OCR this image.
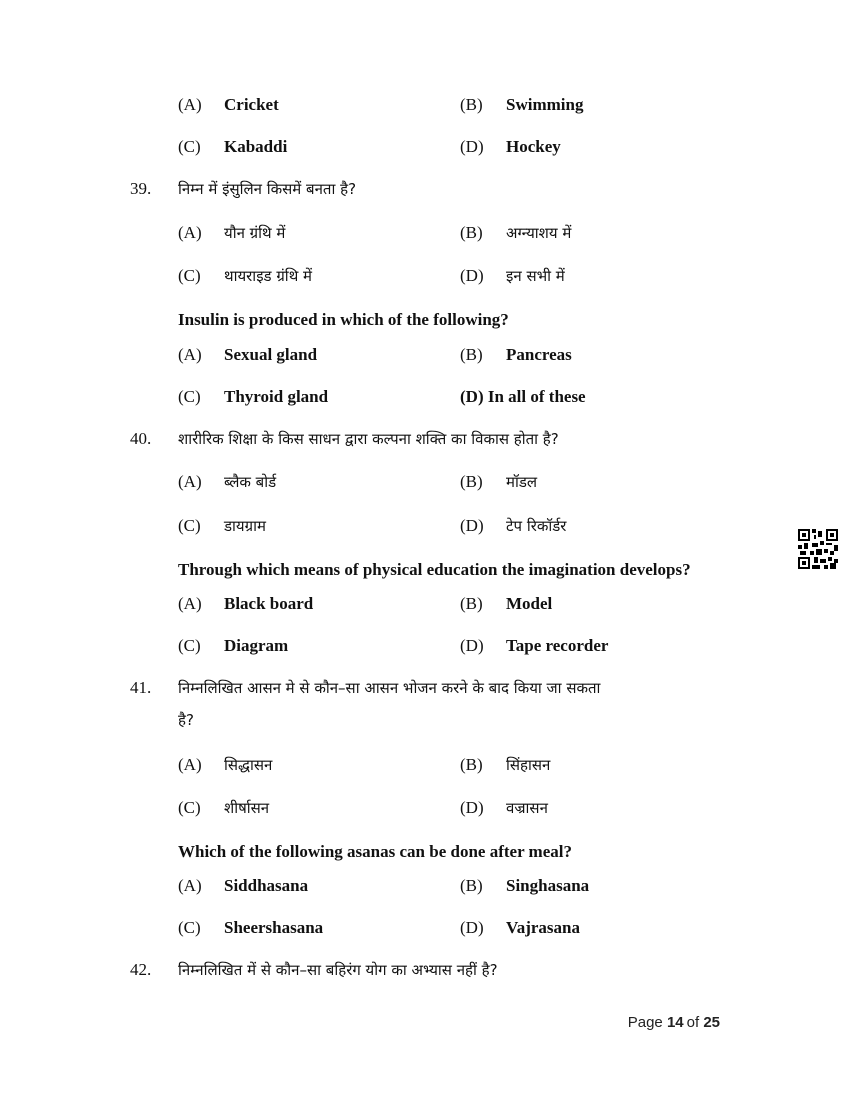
(A) Cricket	(B) Swimming
(C) Kabaddi	(D) Hockey
39. निम्न में इंसुलिन किसमें बनता है?
(A) यौन ग्रंथि में	(B) अग्न्याशय में
(C) थायराइड ग्रंथि में	(D) इन सभी में
Insulin is produced in which of the following?
(A) Sexual gland	(B) Pancreas
(C) Thyroid gland	(D) In all of these
40. शारीरिक शिक्षा के किस साधन द्वारा कल्पना शक्ति का विकास होता है?
(A) ब्लैक बोर्ड	(B) मॉडल
(C) डायग्राम	(D) टेप रिकॉर्डर
Through which means of physical education the imagination develops?
(A) Black board	(B) Model
(C) Diagram	(D) Tape recorder
41. निम्नलिखित आसन मे से कौन–सा आसन भोजन करने के बाद किया जा सकता
है?
(A) सिद्धासन	(B) सिंहासन
(C) शीर्षासन	(D) वज्रासन
Which of the following asanas can be done after meal?
(A) Siddhasana	(B) Singhasana
(C) Sheershasana	(D) Vajrasana
42. निम्नलिखित में से कौन–सा बहिरंग योग का अभ्यास नहीं है?
Page 14 of 25
